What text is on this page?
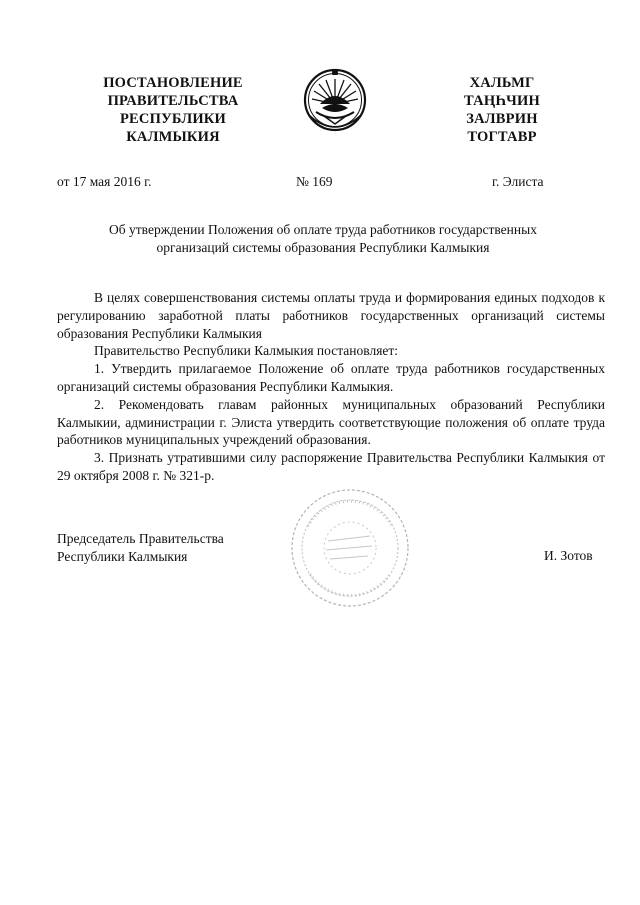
ПОСТАНОВЛЕНИЕ
ПРАВИТЕЛЬСТВА
РЕСПУБЛИКИ
КАЛМЫКИЯ
ХАЛЬМГ
ТАҢҺЧИН
ЗАЛВРИН
ТОГТАВР
от 17 мая 2016 г.	№ 169	г. Элиста
Об утверждении Положения об оплате труда работников государственных
организаций системы образования Республики Калмыкия

В целях совершенствования системы оплаты труда и формирования единых подходов к регулированию заработной платы работников государственных организаций системы образования Республики Калмыкия

Правительство Республики Калмыкия постановляет:

1. Утвердить прилагаемое Положение об оплате труда работников государственных организаций системы образования Республики Калмыкия.

2. Рекомендовать главам районных муниципальных образований Республики Калмыкии, администрации г. Элиста утвердить соответствующие положения об оплате труда работников муниципальных учреждений образования.

3. Признать утратившими силу распоряжение Правительства Республики Калмыкия от 29 октября 2008 г. № 321-р.

Председатель Правительства
Республики Калмыкия	И. Зотов
